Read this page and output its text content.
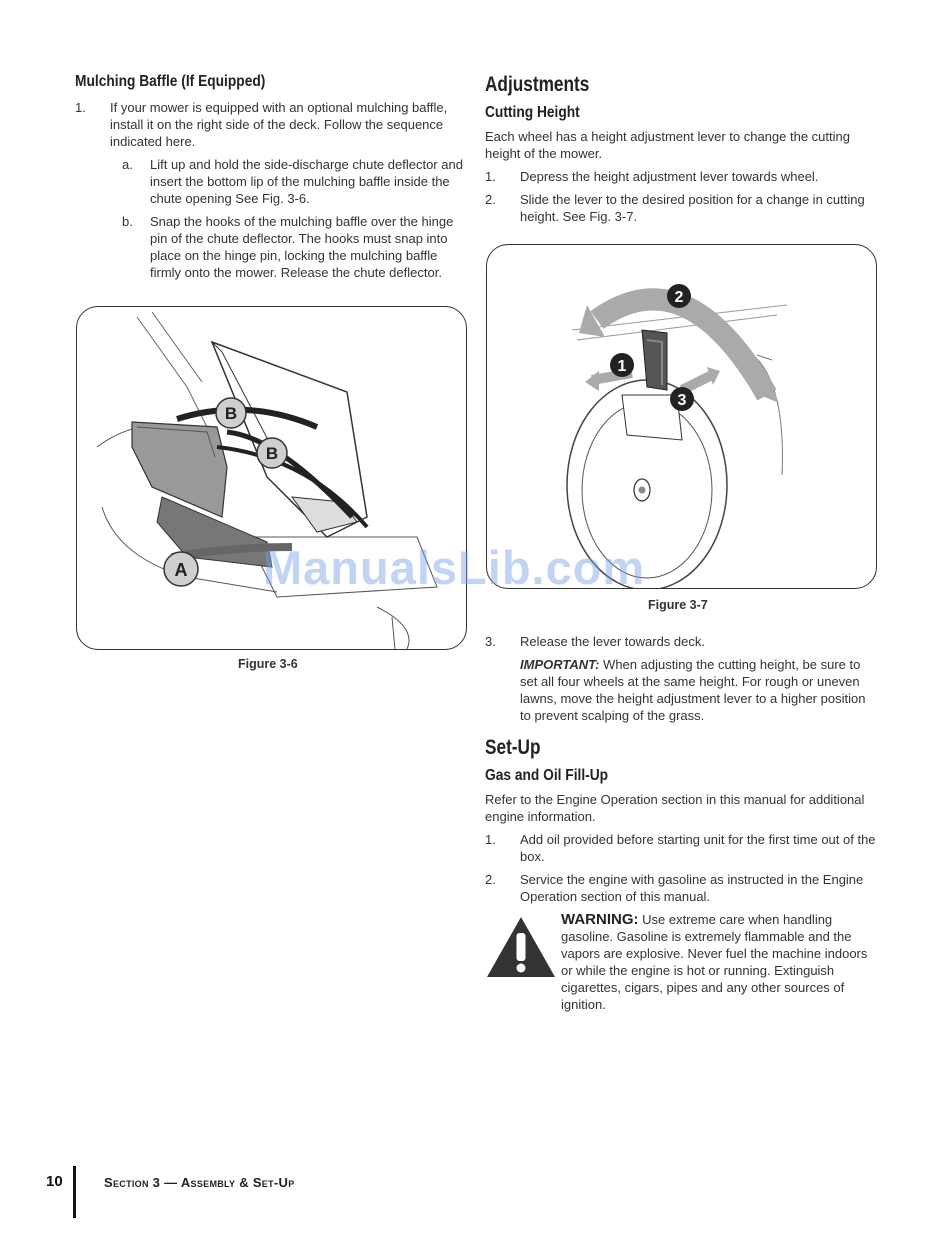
Mulching Baffle (If Equipped)
1. If your mower is equipped with an optional mulching baffle, install it on the right side of the deck. Follow the sequence indicated here.
a. Lift up and hold the side-discharge chute deflector and insert the bottom lip of the mulching baffle inside the chute opening See Fig. 3-6.
b. Snap the hooks of the mulching baffle over the hinge pin of the chute deflector. The hooks must snap into place on the hinge pin, locking the mulching baffle firmly onto the mower. Release the chute deflector.
B
B
A
Figure 3-6
Adjustments
Cutting Height
Each wheel has a height adjustment lever to change the cutting height of the mower.
1. Depress the height adjustment lever towards wheel.
2. Slide the lever to the desired position for a change in cutting height. See Fig. 3-7.
2
1
3
Figure 3-7
3. Release the lever towards deck.
IMPORTANT: When adjusting the cutting height, be sure to set all four wheels at the same height. For rough or uneven lawns, move the height adjustment lever to a higher position to prevent scalping of the grass.
Set-Up
Gas and Oil Fill-Up
Refer to the Engine Operation section in this manual for additional engine information.
1. Add oil provided before starting unit for the first time out of the box.
2. Service the engine with gasoline as instructed in the Engine Operation section of this manual.
WARNING: Use extreme care when handling gasoline. Gasoline is extremely flammable and the vapors are explosive. Never fuel the machine indoors or while the engine is hot or running. Extinguish cigarettes, cigars, pipes and any other sources of ignition.
ManualsLib.com
10	Section 3 — Assembly & Set-Up
